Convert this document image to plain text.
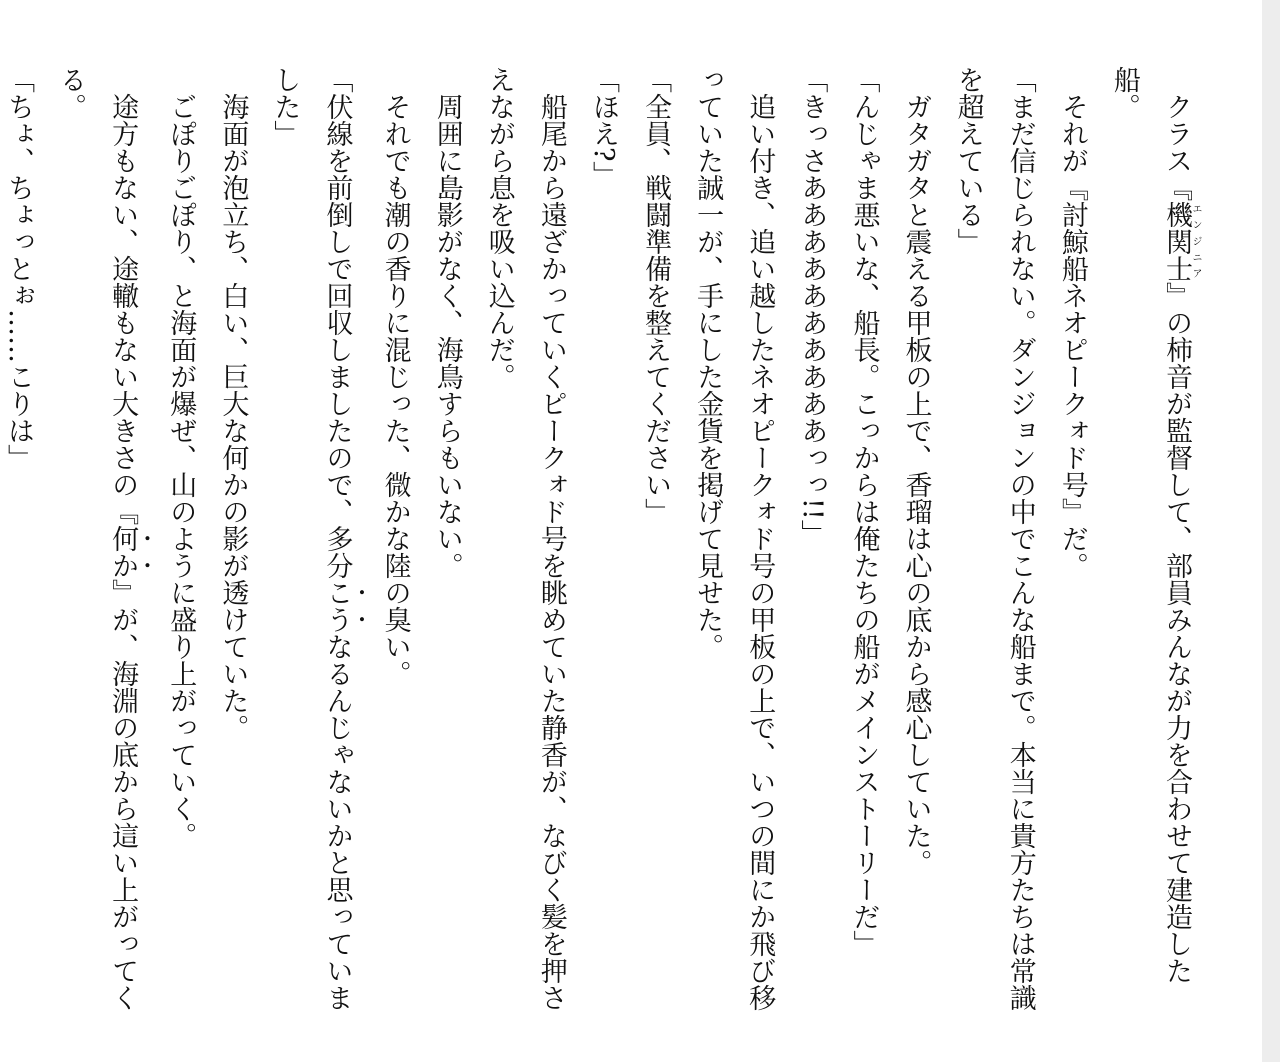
クラス『機関士エンジニア』の柿音が監督して、部員みんなが力を合わせて建造した船。

それが『討鯨船ネオピークォド号』だ。

「まだ信じられない。ダンジョンの中でこんな船まで。本当に貴方たちは常識を超えている」

ガタガタと震える甲板の上で、香瑠は心の底から感心していた。

「んじゃま悪いな、船長。こっからは俺たちの船がメインストーリーだ」

「きっさああああああああああっっ!!」

追い付き、追い越したネオピークォド号の甲板の上で、いつの間にか飛び移っていた誠一が、手にした金貨を掲げて見せた。

「全員、戦闘準備を整えてください」

「ほえ?」

船尾から遠ざかっていくピークォド号を眺めていた静香が、なびく髪を押さえながら息を吸い込んだ。

周囲に島影がなく、海鳥すらもいない。

それでも潮の香りに混じった、微かな陸の臭い。

「伏線を前倒しで回収しましたので、多分こうなるんじゃないかと思っていました」

海面が泡立ち、白い、巨大な何かの影が透けていた。

ごぽりごぽり、と海面が爆ぜ、山のように盛り上がっていく。

途方もない、途轍もない大きさの『何か』が、海淵の底から這い上がってくる。

「ちょ、ちょっとぉ……こりは」
